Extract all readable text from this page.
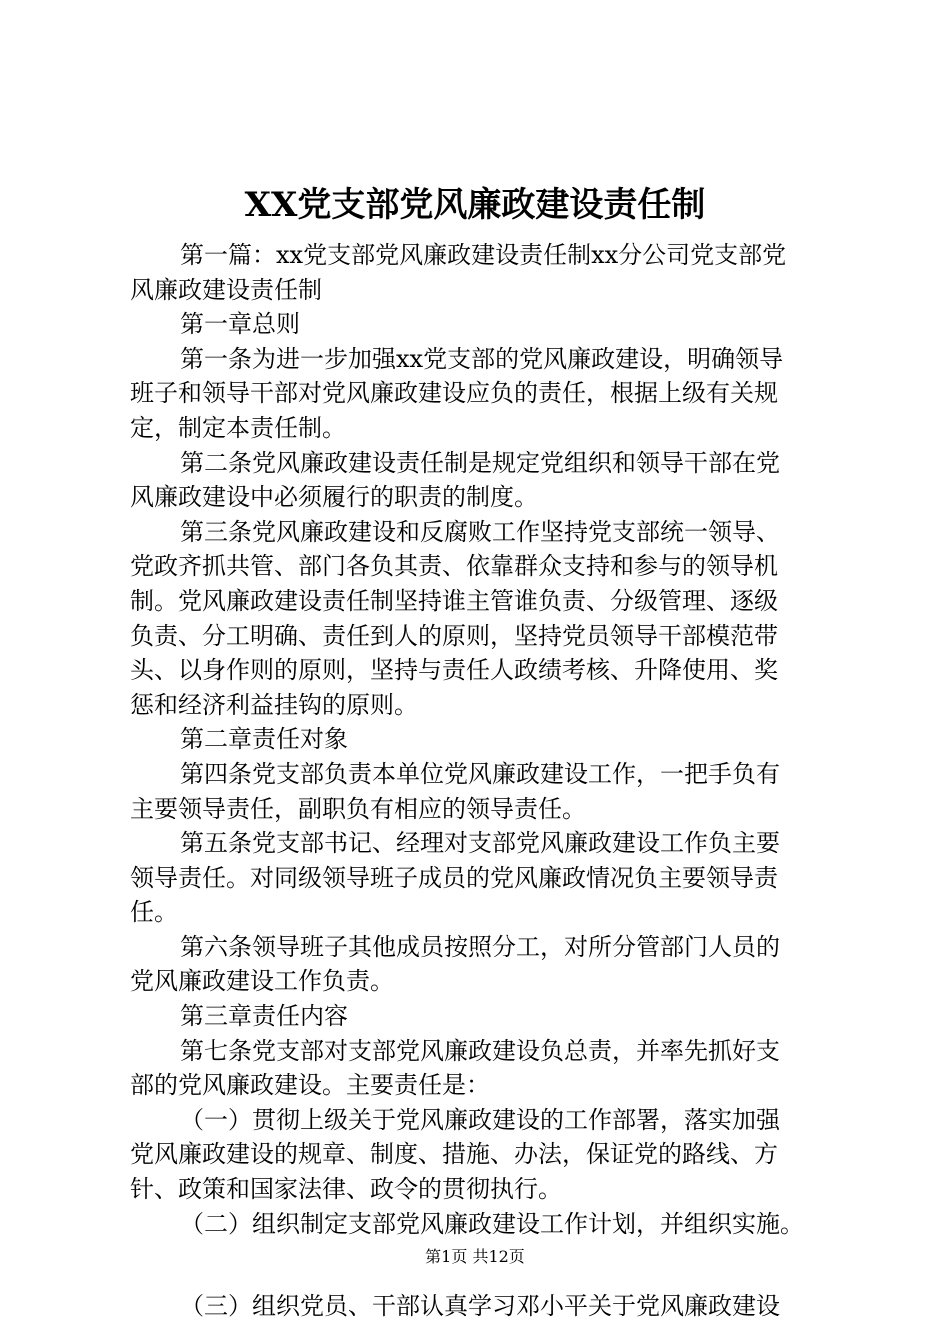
XX党支部党风廉政建设责任制
第一篇：xx党支部党风廉政建设责任制xx分公司党支部党
风廉政建设责任制
第一章总则
第一条为进一步加强xx党支部的党风廉政建设，明确领导
班子和领导干部对党风廉政建设应负的责任，根据上级有关规
定，制定本责任制。
第二条党风廉政建设责任制是规定党组织和领导干部在党
风廉政建设中必须履行的职责的制度。
第三条党风廉政建设和反腐败工作坚持党支部统一领导、
党政齐抓共管、部门各负其责、依靠群众支持和参与的领导机
制。党风廉政建设责任制坚持谁主管谁负责、分级管理、逐级
负责、分工明确、责任到人的原则，坚持党员领导干部模范带
头、以身作则的原则，坚持与责任人政绩考核、升降使用、奖
惩和经济利益挂钩的原则。
第二章责任对象
第四条党支部负责本单位党风廉政建设工作，一把手负有
主要领导责任，副职负有相应的领导责任。
第五条党支部书记、经理对支部党风廉政建设工作负主要
领导责任。对同级领导班子成员的党风廉政情况负主要领导责
任。
第六条领导班子其他成员按照分工，对所分管部门人员的
党风廉政建设工作负责。
第三章责任内容
第七条党支部对支部党风廉政建设负总责，并率先抓好支
部的党风廉政建设。主要责任是：
（一）贯彻上级关于党风廉政建设的工作部署，落实加强
党风廉政建设的规章、制度、措施、办法，保证党的路线、方
针、政策和国家法律、政令的贯彻执行。
（二）组织制定支部党风廉政建设工作计划，并组织实施。
（三）组织党员、干部认真学习邓小平关于党风廉政建设
第1页 共12页
